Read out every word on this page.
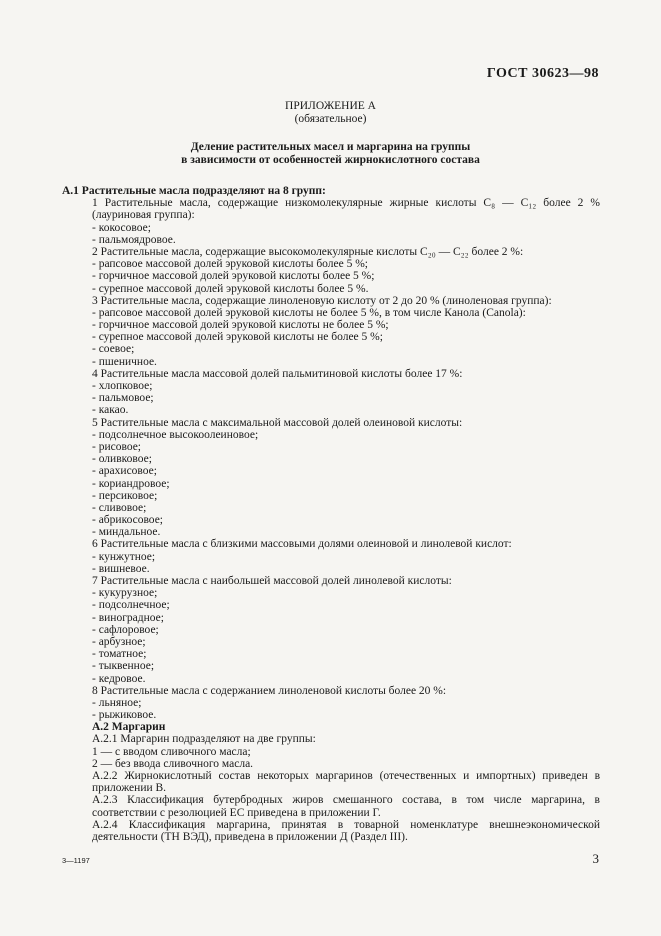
ГОСТ 30623—98
ПРИЛОЖЕНИЕ А
(обязательное)
Деление растительных масел и маргарина на группы
в зависимости от особенностей жирнокислотного состава
А.1 Растительные масла подразделяют на 8 групп:
1 Растительные масла, содержащие низкомолекулярные жирные кислоты C₈ — C₁₂ более 2 % (лауриновая группа):
- кокосовое;
- пальмоядровое.
2 Растительные масла, содержащие высокомолекулярные кислоты C₂₀ — C₂₂ более 2 %:
- рапсовое массовой долей эруковой кислоты более 5 %;
- горчичное массовой долей эруковой кислоты более 5 %;
- сурепное массовой долей эруковой кислоты более 5 %.
3 Растительные масла, содержащие линоленовую кислоту от 2 до 20 % (линоленовая группа):
- рапсовое массовой долей эруковой кислоты не более 5 %, в том числе Канола (Canola):
- горчичное массовой долей эруковой кислоты не более 5 %;
- сурепное массовой долей эруковой кислоты не более 5 %;
- соевое;
- пшеничное.
4 Растительные масла массовой долей пальмитиновой кислоты более 17 %:
- хлопковое;
- пальмовое;
- какао.
5 Растительные масла с максимальной массовой долей олеиновой кислоты:
- подсолнечное высокоолеиновое;
- рисовое;
- оливковое;
- арахисовое;
- кориандровое;
- персиковое;
- сливовое;
- абрикосовое;
- миндальное.
6 Растительные масла с близкими массовыми долями олеиновой и линолевой кислот:
- кунжутное;
- вишневое.
7 Растительные масла с наибольшей массовой долей линолевой кислоты:
- кукурузное;
- подсолнечное;
- виноградное;
- сафлоровое;
- арбузное;
- томатное;
- тыквенное;
- кедровое.
8 Растительные масла с содержанием линоленовой кислоты более 20 %:
- льняное;
- рыжиковое.
А.2 Маргарин
А.2.1 Маргарин подразделяют на две группы:
1 — с вводом сливочного масла;
2 — без ввода сливочного масла.
А.2.2 Жирнокислотный состав некоторых маргаринов (отечественных и импортных) приведен в приложении В.
А.2.3 Классификация бутербродных жиров смешанного состава, в том числе маргарина, в соответствии с резолюцией ЕС приведена в приложении Г.
А.2.4 Классификация маргарина, принятая в товарной номенклатуре внешнеэкономической деятельности (ТН ВЭД), приведена в приложении Д (Раздел III).
3—1197	3
